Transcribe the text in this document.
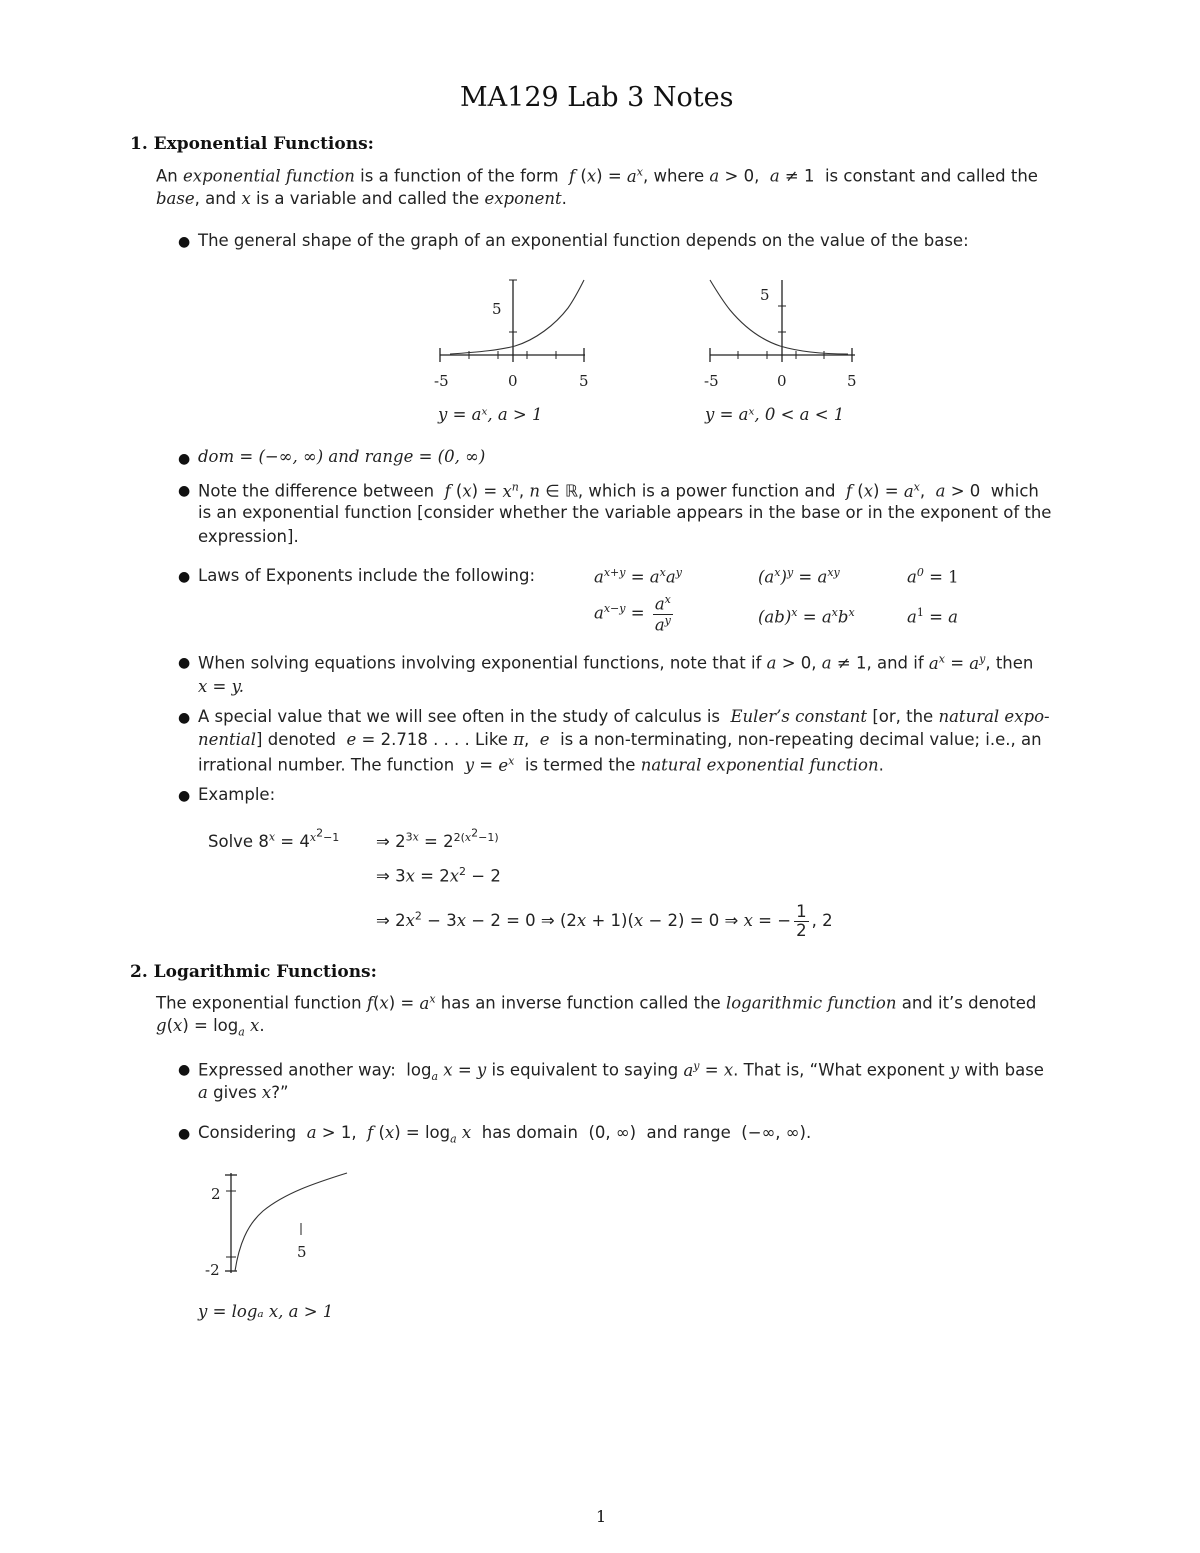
MA129 Lab 3 Notes
1. Exponential Functions:
An exponential function is a function of the form f $(x) = a^x$, where a > 0,  a ≠ 1  is constant and called the
base, and x is a variable and called the exponent.
● The general shape of the graph of an exponential function depends on the value of the base:
5
-5	0	5
y = aˣ, a > 1
5
-5	0	5
y = aˣ, 0 < a < 1
● dom = (−∞, ∞) and range = (0, ∞)
● Note the difference between f $(x) = x^n$, n ∈ ℝ, which is a power function and f $(x) = a^x$,  a > 0  which
is an exponential function [consider whether the variable appears in the base or in the exponent of the
expression].
● Laws of Exponents include the following:	$a^{x+y} = a^xa^y$	$(a^x)^y = a^{xy}$	$a^0 = 1$
$a^{x-y} = \frac{a^x}{a^y}$	$(ab)^x = a^xb^x$	$a^1 = a$
● When solving equations involving exponential functions, note that if a > 0, a ≠ 1, and if $a^x = a^y$, then
x = y.
● A special value that we will see often in the study of calculus is Euler’s constant [or, the natural expo-
nential] denoted e = 2.718 . . . . Like π,  e is a non-terminating, non-repeating decimal value; i.e., an
irrational number. The function $y = e^x$ is termed the natural exponential function.
● Example:
Solve $8^x = 4^{x^2-1}$ ⇒ $2^{3x} = 2^{2(x^2-1)}$
⇒ $3x = 2x^2 - 2$
⇒ $2x^2 - 3x - 2 = 0$ ⇒ (2x + 1)(x − 2) = 0 ⇒ x = − $\frac{1}{2}$ , 2
2. Logarithmic Functions:
The exponential function $f(x) = a^x$ has an inverse function called the logarithmic function and it’s denoted
$g(x) = \log_a x$.
● Expressed another way:  $\log_a x = y$ is equivalent to saying $a^y = x$. That is, “What exponent y with base
a gives x?”
● Considering a > 1,  f $(x) = \log_a x$ has domain  (0, ∞)  and range  (−∞, ∞).
2
-2
5
y = logₐ x, a > 1
1
